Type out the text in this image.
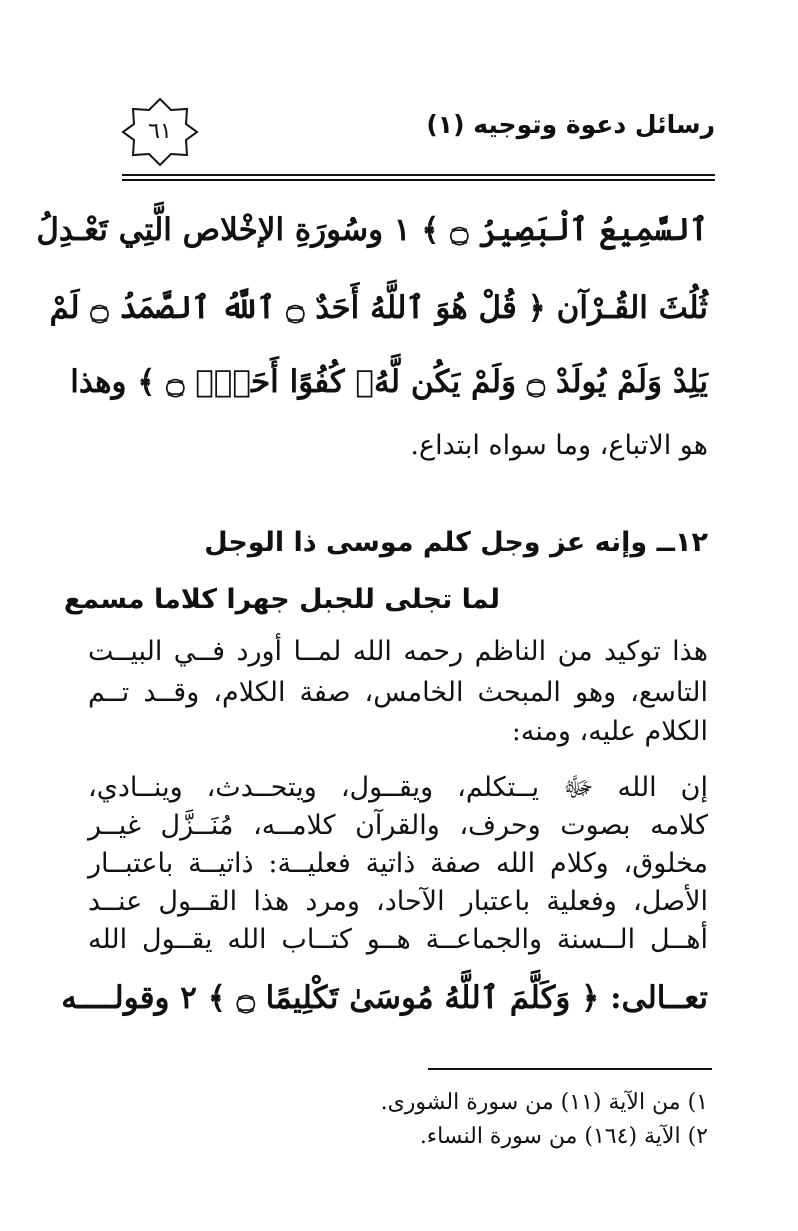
رسائل دعوة وتوجيه (١)
٦١
ٱلسَّمِيعُ ٱلْبَصِيرُ ۝ ﴾ ١ وسُورَةِ الإخْلاص الَّتِي تَعْـدِلُ
ثُلُثَ القُـرْآن ﴿ قُلْ هُوَ ٱللَّهُ أَحَدٌ ۝ ٱللَّهُ ٱلصَّمَدُ ۝ لَمْ
يَلِدْ وَلَمْ يُولَدْ ۝ وَلَمْ يَكُن لَّهُۥ كُفُوًا أَحَدٌۢ ۝ ﴾ وهذا
هو الاتباع، وما سواه ابتداع.
١٢ــ وإنه عز وجل كلم موسى ذا الوجل
لما تجلى للجبل جهرا كلاما مسمع
هذا توكيد من الناظم رحمه الله لمــا أورد فــي البيــت
التاسع، وهو المبحث الخامس، صفة الكلام، وقــد تــم
الكلام عليه، ومنه:
إن الله ﷻ يــتكلم، ويقــول، ويتحــدث، وينــادي،
كلامه بصوت وحرف، والقرآن كلامــه، مُنَــزَّل غيــر
مخلوق، وكلام الله صفة ذاتية فعليــة: ذاتيــة باعتبــار
الأصل، وفعلية باعتبار الآحاد، ومرد هذا القــول عنــد
أهــل الــسنة والجماعــة هــو كتــاب الله يقــول الله
تعــالى: ﴿ وَكَلَّمَ ٱللَّهُ مُوسَىٰ تَكْلِيمًا ۝ ﴾ ٢ وقولــــه
١) من الآية (١١) من سورة الشورى.
٢) الآية (١٦٤) من سورة النساء.
